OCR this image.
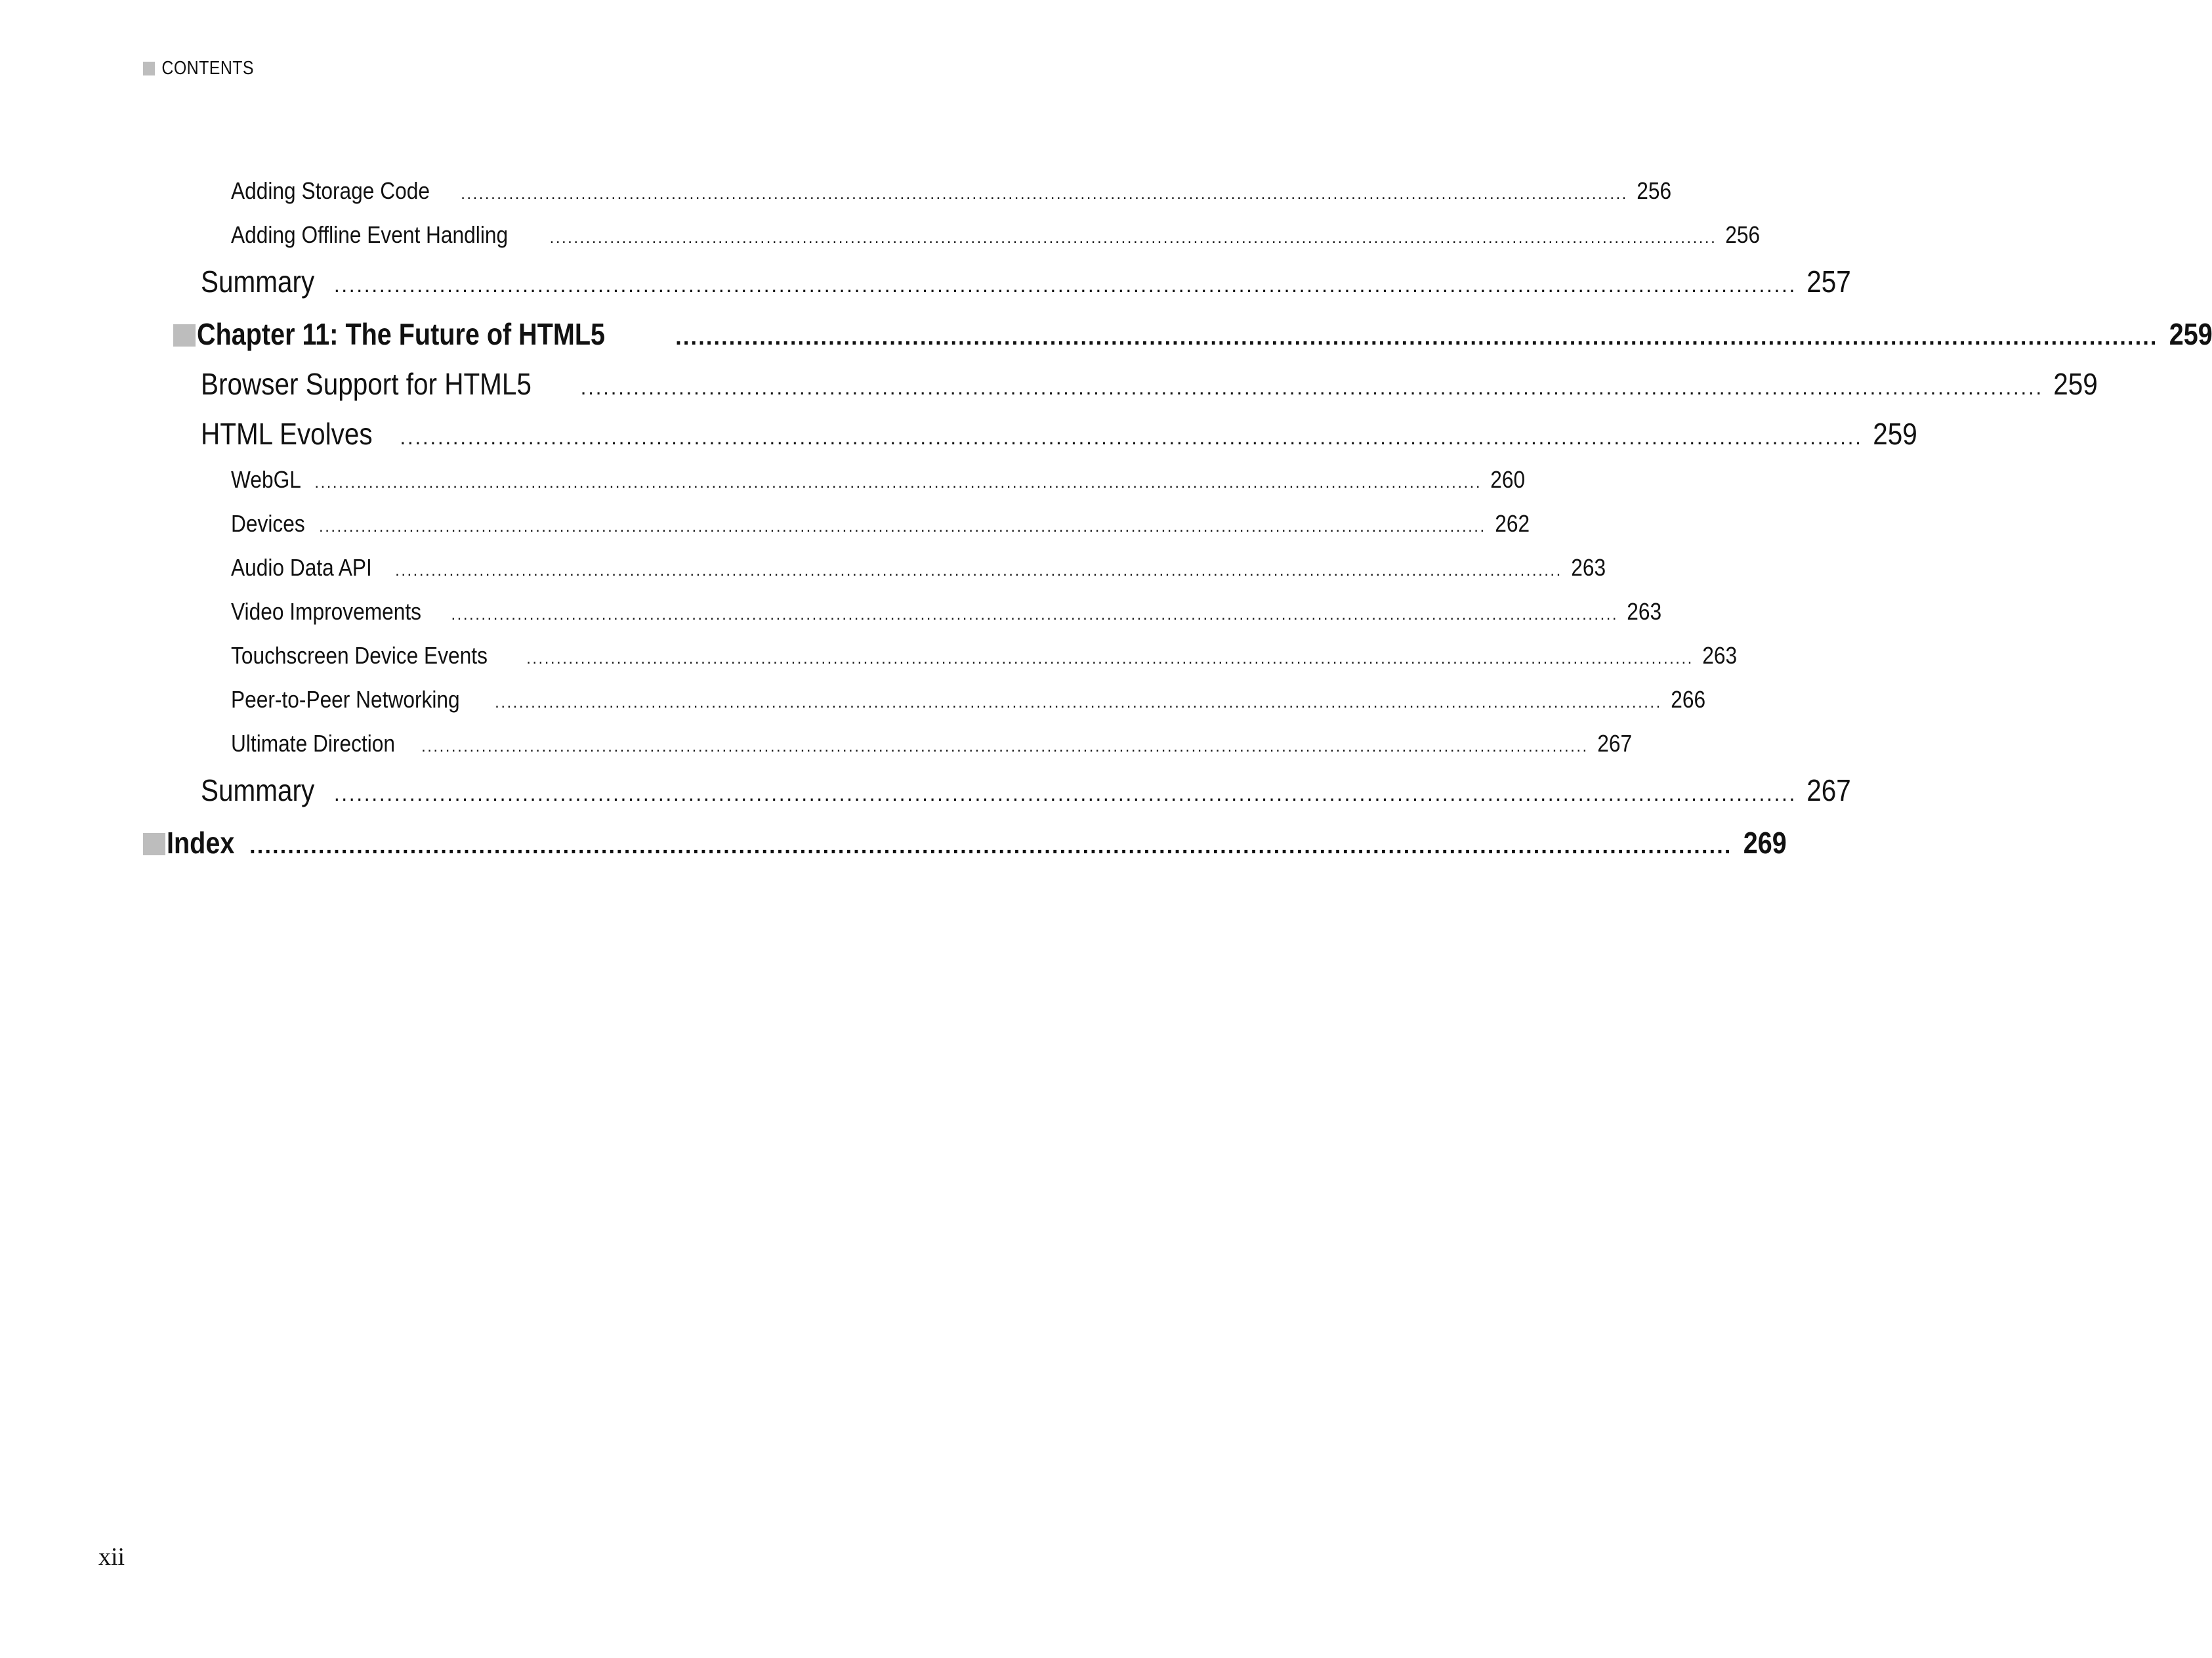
CONTENTS
Adding Storage Code .................................................................................................................................................................................................. 256
Adding Offline Event Handling	.................................................................................................................................................................................................. 256
Summary .................................................................................................................................................................................................. 257
Chapter 11: The Future of HTML5	.................................................................................................................................................................................................. 259
Browser Support for HTML5 .................................................................................................................................................................................................. 259
HTML Evolves .................................................................................................................................................................................................. 259
WebGL .................................................................................................................................................................................................. 260
Devices .................................................................................................................................................................................................. 262
Audio Data API .................................................................................................................................................................................................. 263
Video Improvements .................................................................................................................................................................................................. 263
Touchscreen Device Events .................................................................................................................................................................................................. 263
Peer-to-Peer Networking .................................................................................................................................................................................................. 266
Ultimate Direction .................................................................................................................................................................................................. 267
Summary .................................................................................................................................................................................................. 267
Index .................................................................................................................................................................................................. 269
xii
